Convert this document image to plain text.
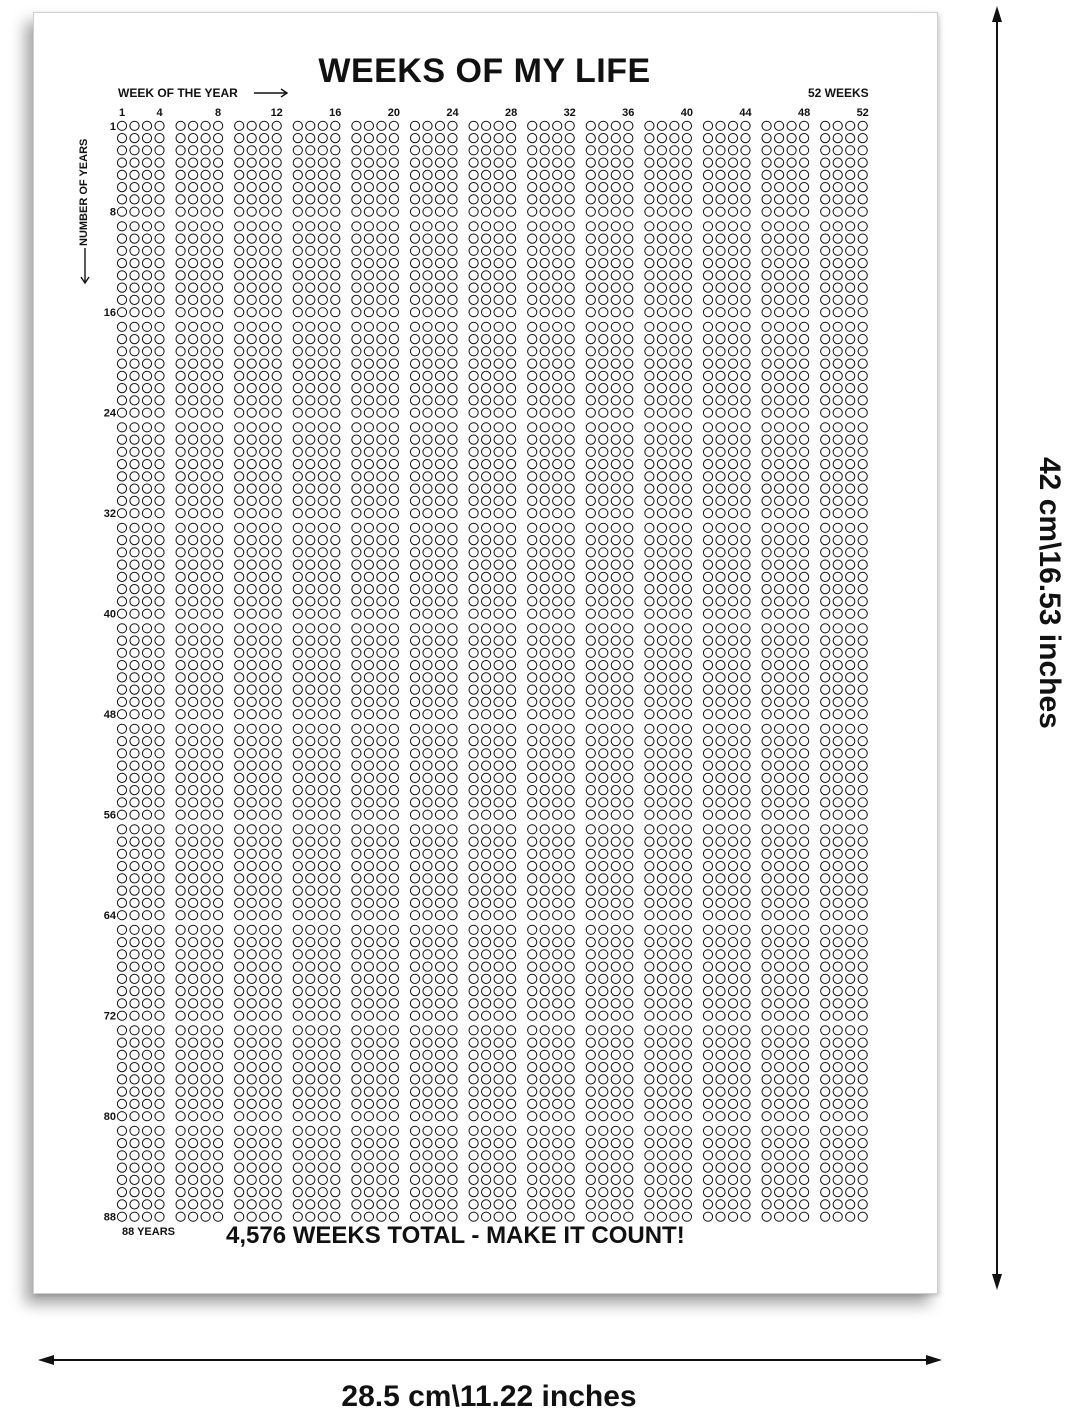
WEEKS OF MY LIFE
WEEK OF THE YEAR	52 WEEKS
NUMBER OF YEARS
1	4	8	12	16	20	24	28	32	36	40	44	48	52
1
8
16
24
32
40
48
56
64
72
80
88
88 YEARS 4,576 WEEKS TOTAL - MAKE IT COUNT!
42 cm\16.53 inches
28.5 cm\11.22 inches
